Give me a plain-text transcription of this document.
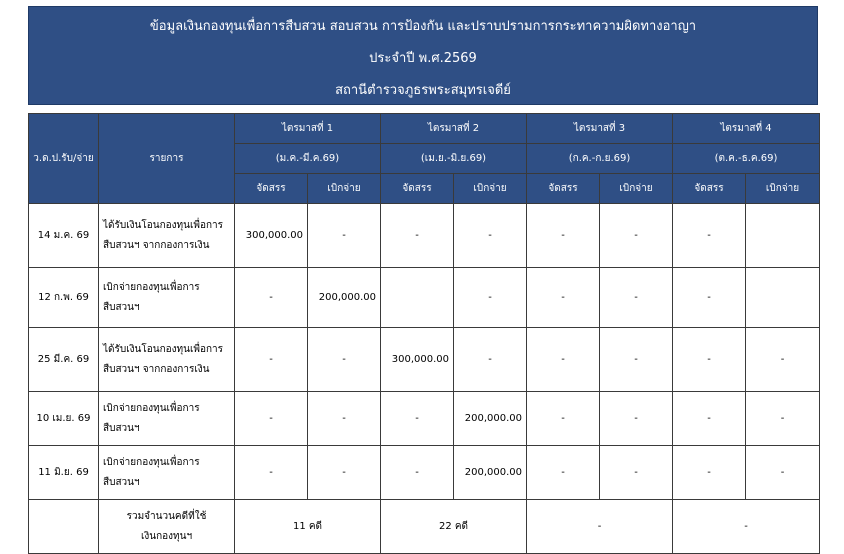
ข้อมูลเงินกองทุนเพื่อการสืบสวน สอบสวน การป้องกัน และปราบปรามการกระทาความผิดทางอาญา
ประจำปี พ.ศ.2569
สถานีตำรวจภูธรพระสมุทรเจดีย์
ว.ด.ป.รับ/จ่าย	รายการ	ไตรมาสที่ 1		ไตรมาสที่ 2		ไตรมาสที่ 3		ไตรมาสที่ 4	
		(ม.ค.-มี.ค.69)		(เม.ย.-มิ.ย.69)		(ก.ค.-ก.ย.69)		(ต.ค.-ธ.ค.69)	
		จัดสรร	เบิกจ่าย	จัดสรร	เบิกจ่าย	จัดสรร	เบิกจ่าย	จัดสรร	เบิกจ่าย
14 ม.ค. 69	ได้รับเงินโอนกองทุนเพื่อการ
สืบสวนฯ จากกองการเงิน	300,000.00	-	-	-	-	-	-	
12 ก.พ. 69	เบิกจ่ายกองทุนเพื่อการ
สืบสวนฯ	-	200,000.00		-	-	-	-	
25 มี.ค. 69	ได้รับเงินโอนกองทุนเพื่อการ
สืบสวนฯ จากกองการเงิน	-	-	300,000.00	-	-	-	-	-
10 เม.ย. 69	เบิกจ่ายกองทุนเพื่อการ
สืบสวนฯ	-	-	-	200,000.00	-	-	-	-
11 มิ.ย. 69	เบิกจ่ายกองทุนเพื่อการ
สืบสวนฯ	-	-	-	200,000.00	-	-	-	-

	รวมจำนวนคดีที่ใช้
เงินกองทุนฯ	11 คดี		22 คดี		-		-	
